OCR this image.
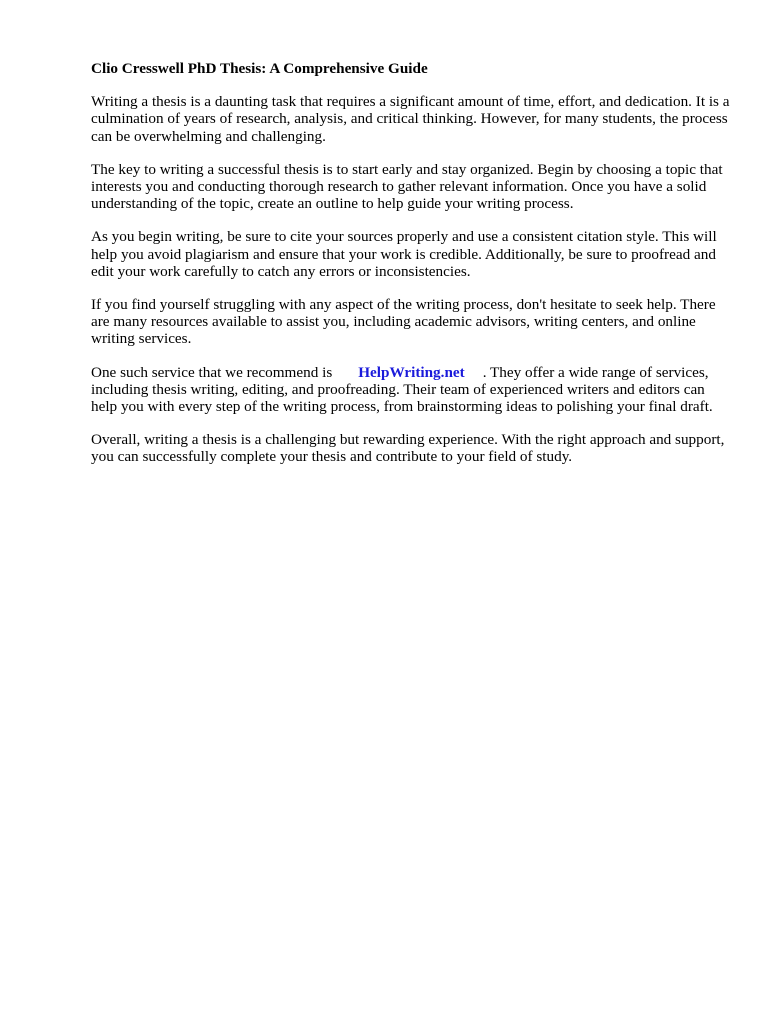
Clio Cresswell PhD Thesis: A Comprehensive Guide

Writing a thesis is a daunting task that requires a significant amount of time, effort, and dedication. It is a culmination of years of research, analysis, and critical thinking. However, for many students, the process can be overwhelming and challenging.

The key to writing a successful thesis is to start early and stay organized. Begin by choosing a topic that interests you and conducting thorough research to gather relevant information. Once you have a solid understanding of the topic, create an outline to help guide your writing process.

As you begin writing, be sure to cite your sources properly and use a consistent citation style. This will help you avoid plagiarism and ensure that your work is credible. Additionally, be sure to proofread and edit your work carefully to catch any errors or inconsistencies.

If you find yourself struggling with any aspect of the writing process, don't hesitate to seek help. There are many resources available to assist you, including academic advisors, writing centers, and online writing services.

One such service that we recommend is HelpWriting.net . They offer a wide range of services, including thesis writing, editing, and proofreading. Their team of experienced writers and editors can help you with every step of the writing process, from brainstorming ideas to polishing your final draft.

Overall, writing a thesis is a challenging but rewarding experience. With the right approach and support, you can successfully complete your thesis and contribute to your field of study.
